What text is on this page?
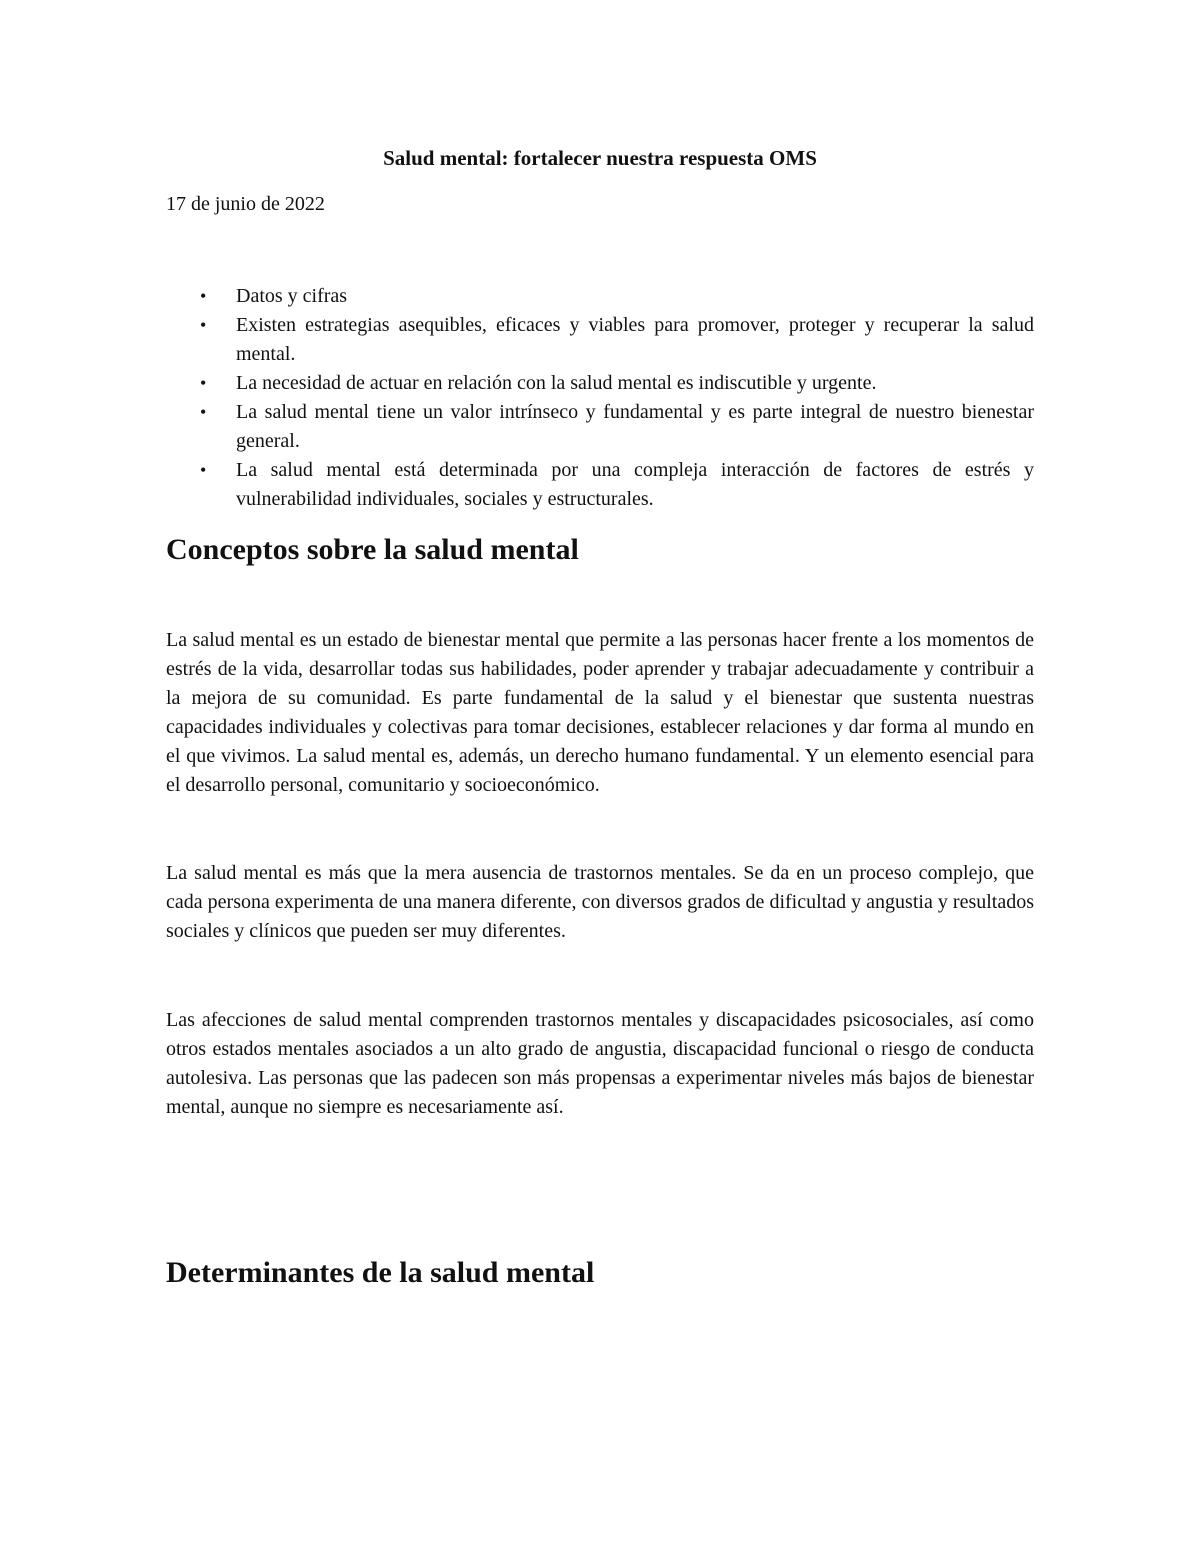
Salud mental: fortalecer nuestra respuesta OMS

17 de junio de 2022

• Datos y cifras
• Existen estrategias asequibles, eficaces y viables para promover, proteger y recuperar la salud mental.
• La necesidad de actuar en relación con la salud mental es indiscutible y urgente.
• La salud mental tiene un valor intrínseco y fundamental y es parte integral de nuestro bienestar general.
• La salud mental está determinada por una compleja interacción de factores de estrés y vulnerabilidad individuales, sociales y estructurales.
Conceptos sobre la salud mental

La salud mental es un estado de bienestar mental que permite a las personas hacer frente a los momentos de estrés de la vida, desarrollar todas sus habilidades, poder aprender y trabajar adecuadamente y contribuir a la mejora de su comunidad. Es parte fundamental de la salud y el bienestar que sustenta nuestras capacidades individuales y colectivas para tomar decisiones, establecer relaciones y dar forma al mundo en el que vivimos. La salud mental es, además, un derecho humano fundamental. Y un elemento esencial para el desarrollo personal, comunitario y socioeconómico.

La salud mental es más que la mera ausencia de trastornos mentales. Se da en un proceso complejo, que cada persona experimenta de una manera diferente, con diversos grados de dificultad y angustia y resultados sociales y clínicos que pueden ser muy diferentes.

Las afecciones de salud mental comprenden trastornos mentales y discapacidades psicosociales, así como otros estados mentales asociados a un alto grado de angustia, discapacidad funcional o riesgo de conducta autolesiva. Las personas que las padecen son más propensas a experimentar niveles más bajos de bienestar mental, aunque no siempre es necesariamente así.

Determinantes de la salud mental
